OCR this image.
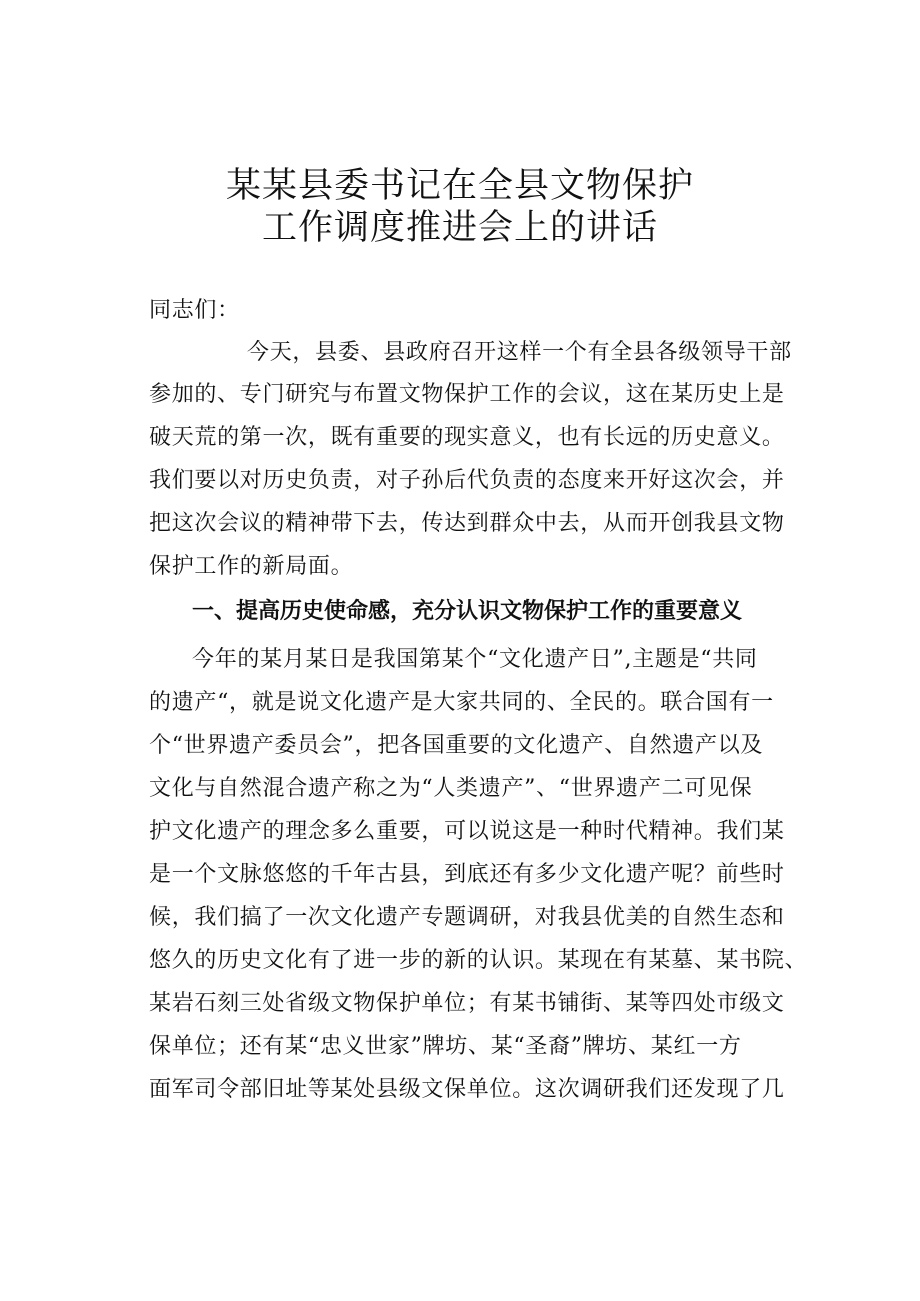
某某县委书记在全县文物保护
工作调度推进会上的讲话
同志们：
今天，县委、县政府召开这样一个有全县各级领导干部
参加的、专门研究与布置文物保护工作的会议，这在某历史上是
破天荒的第一次，既有重要的现实意义，也有长远的历史意义。
我们要以对历史负责，对子孙后代负责的态度来开好这次会，并
把这次会议的精神带下去，传达到群众中去，从而开创我县文物
保护工作的新局面。
一、提高历史使命感，充分认识文物保护工作的重要意义
今年的某月某日是我国第某个“文化遗产日”,主题是“共同
的遗产“，就是说文化遗产是大家共同的、全民的。联合国有一
个“世界遗产委员会”，把各国重要的文化遗产、自然遗产以及
文化与自然混合遗产称之为“人类遗产”、“世界遗产二可见保
护文化遗产的理念多么重要，可以说这是一种时代精神。我们某
是一个文脉悠悠的千年古县，到底还有多少文化遗产呢？前些时
候，我们搞了一次文化遗产专题调研，对我县优美的自然生态和
悠久的历史文化有了进一步的新的认识。某现在有某墓、某书院、
某岩石刻三处省级文物保护单位；有某书铺街、某等四处市级文
保单位；还有某“忠义世家”牌坊、某“圣裔”牌坊、某红一方
面军司令部旧址等某处县级文保单位。这次调研我们还发现了几
